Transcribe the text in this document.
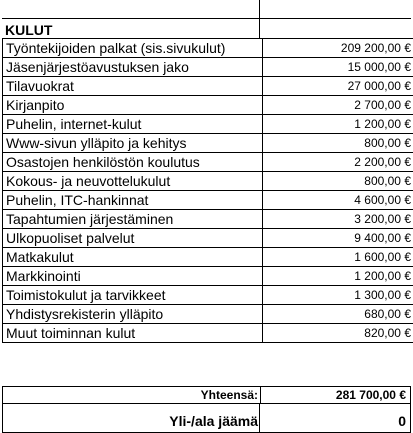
KULUT
Työntekijoiden palkat (sis.sivukulut)	209 200,00 €
Jäsenjärjestöavustuksen jako	15 000,00 €
Tilavuokrat	27 000,00 €
Kirjanpito	2 700,00 €
Puhelin, internet-kulut	1 200,00 €
Www-sivun ylläpito ja kehitys	800,00 €
Osastojen henkilöstön koulutus	2 200,00 €
Kokous- ja neuvottelukulut	800,00 €
Puhelin, ITC-hankinnat	4 600,00 €
Tapahtumien järjestäminen	3 200,00 €
Ulkopuoliset palvelut	9 400,00 €
Matkakulut	1 600,00 €
Markkinointi	1 200,00 €
Toimistokulut ja tarvikkeet	1 300,00 €
Yhdistysrekisterin ylläpito	680,00 €
Muut toiminnan kulut	820,00 €
Yhteensä:	281 700,00 €
Yli-/ala jäämä	0
